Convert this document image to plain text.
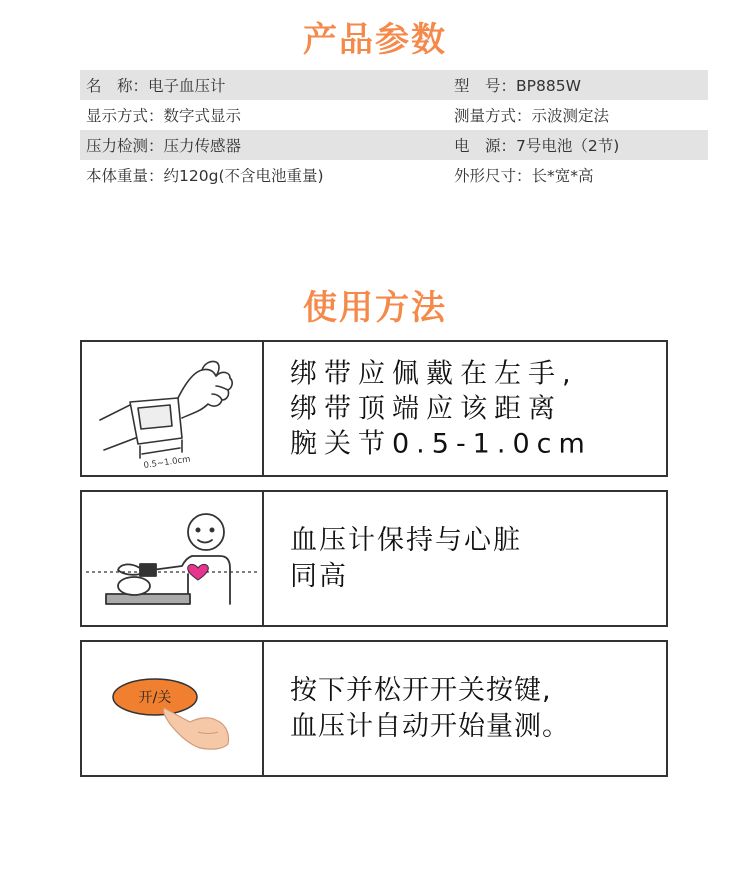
产品参数
名　称：电子血压计	型　号：BP885W
显示方式：数字式显示	测量方式：示波测定法
压力检测：压力传感器	电　源：7号电池（2节)
本体重量：约120g(不含电池重量)	外形尺寸：长*宽*高
使用方法
0.5~1.0cm
绑带应佩戴在左手,
绑带顶端应该距离
腕关节0.5-1.0cm
血压计保持与心脏
同高
开/关	按下并松开开关按键,
血压计自动开始量测。
